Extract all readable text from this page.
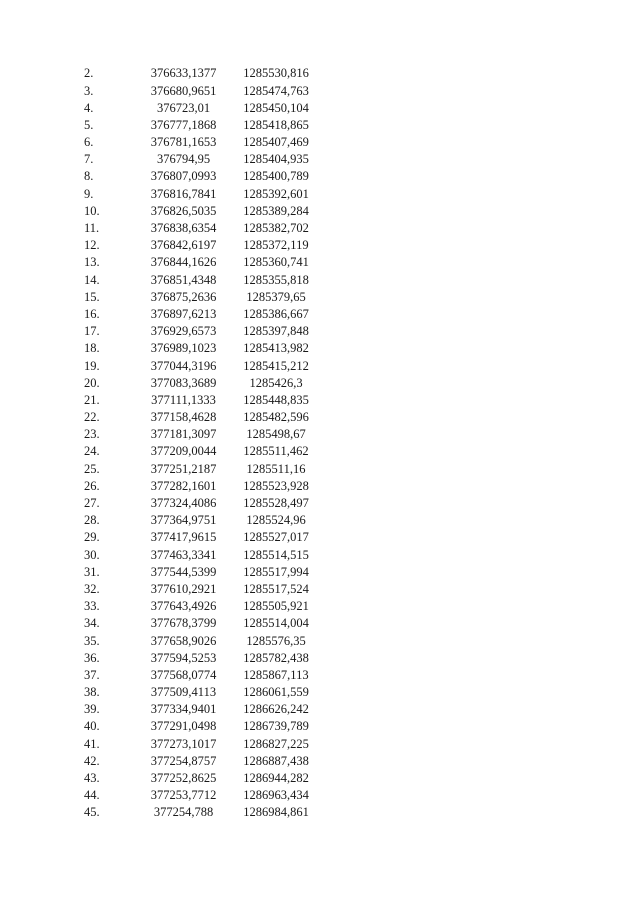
2.	376633,1377	1285530,816
3.	376680,9651	1285474,763
4.	376723,01	1285450,104
5.	376777,1868	1285418,865
6.	376781,1653	1285407,469
7.	376794,95	1285404,935
8.	376807,0993	1285400,789
9.	376816,7841	1285392,601
10.	376826,5035	1285389,284
11.	376838,6354	1285382,702
12.	376842,6197	1285372,119
13.	376844,1626	1285360,741
14.	376851,4348	1285355,818
15.	376875,2636	1285379,65
16.	376897,6213	1285386,667
17.	376929,6573	1285397,848
18.	376989,1023	1285413,982
19.	377044,3196	1285415,212
20.	377083,3689	1285426,3
21.	377111,1333	1285448,835
22.	377158,4628	1285482,596
23.	377181,3097	1285498,67
24.	377209,0044	1285511,462
25.	377251,2187	1285511,16
26.	377282,1601	1285523,928
27.	377324,4086	1285528,497
28.	377364,9751	1285524,96
29.	377417,9615	1285527,017
30.	377463,3341	1285514,515
31.	377544,5399	1285517,994
32.	377610,2921	1285517,524
33.	377643,4926	1285505,921
34.	377678,3799	1285514,004
35.	377658,9026	1285576,35
36.	377594,5253	1285782,438
37.	377568,0774	1285867,113
38.	377509,4113	1286061,559
39.	377334,9401	1286626,242
40.	377291,0498	1286739,789
41.	377273,1017	1286827,225
42.	377254,8757	1286887,438
43.	377252,8625	1286944,282
44.	377253,7712	1286963,434
45.	377254,788	1286984,861
